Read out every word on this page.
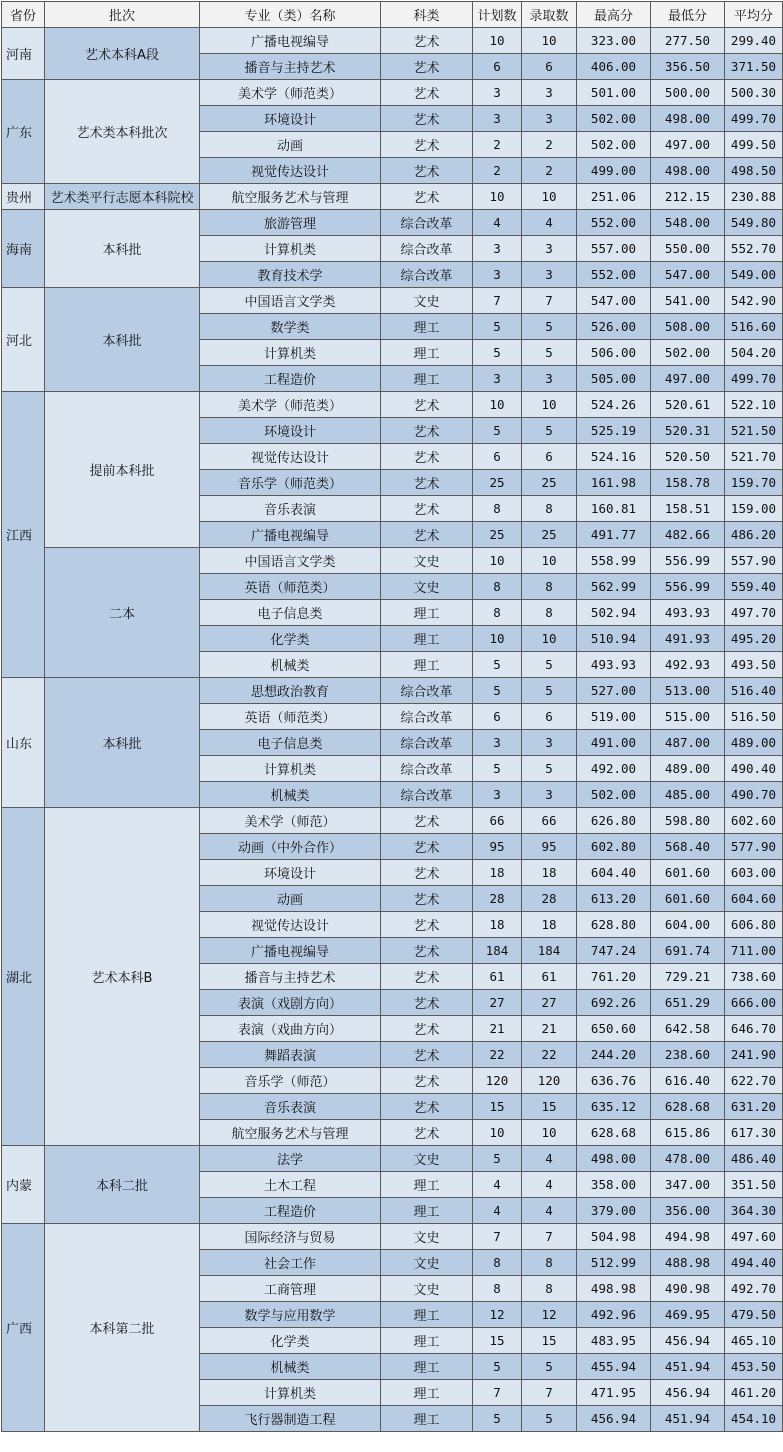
省份	批次	专业（类）名称	科类	计划数	录取数	最高分	最低分	平均分
河南	艺术本科A段	广播电视编导	艺术	10	10	323.00	277.50	299.40
		播音与主持艺术	艺术	6	6	406.00	356.50	371.50
广东	艺术类本科批次	美术学（师范类）	艺术	3	3	501.00	500.00	500.30
		环境设计	艺术	3	3	502.00	498.00	499.70
		动画	艺术	2	2	502.00	497.00	499.50
		视觉传达设计	艺术	2	2	499.00	498.00	498.50
贵州	艺术类平行志愿本科院校	航空服务艺术与管理	艺术	10	10	251.06	212.15	230.88
海南	本科批	旅游管理	综合改革	4	4	552.00	548.00	549.80
		计算机类	综合改革	3	3	557.00	550.00	552.70
		教育技术学	综合改革	3	3	552.00	547.00	549.00
河北	本科批	中国语言文学类	文史	7	7	547.00	541.00	542.90
		数学类	理工	5	5	526.00	508.00	516.60
		计算机类	理工	5	5	506.00	502.00	504.20
		工程造价	理工	3	3	505.00	497.00	499.70
江西	提前本科批	美术学（师范类）	艺术	10	10	524.26	520.61	522.10
		环境设计	艺术	5	5	525.19	520.31	521.50
		视觉传达设计	艺术	6	6	524.16	520.50	521.70
		音乐学（师范类）	艺术	25	25	161.98	158.78	159.70
		音乐表演	艺术	8	8	160.81	158.51	159.00
		广播电视编导	艺术	25	25	491.77	482.66	486.20
	二本	中国语言文学类	文史	10	10	558.99	556.99	557.90
		英语（师范类）	文史	8	8	562.99	556.99	559.40
		电子信息类	理工	8	8	502.94	493.93	497.70
		化学类	理工	10	10	510.94	491.93	495.20
		机械类	理工	5	5	493.93	492.93	493.50
山东	本科批	思想政治教育	综合改革	5	5	527.00	513.00	516.40
		英语（师范类）	综合改革	6	6	519.00	515.00	516.50
		电子信息类	综合改革	3	3	491.00	487.00	489.00
		计算机类	综合改革	5	5	492.00	489.00	490.40
		机械类	综合改革	3	3	502.00	485.00	490.70
湖北	艺术本科B	美术学（师范）	艺术	66	66	626.80	598.80	602.60
		动画（中外合作）	艺术	95	95	602.80	568.40	577.90
		环境设计	艺术	18	18	604.40	601.60	603.00
		动画	艺术	28	28	613.20	601.60	604.60
		视觉传达设计	艺术	18	18	628.80	604.00	606.80
		广播电视编导	艺术	184	184	747.24	691.74	711.00
		播音与主持艺术	艺术	61	61	761.20	729.21	738.60
		表演（戏剧方向）	艺术	27	27	692.26	651.29	666.00
		表演（戏曲方向）	艺术	21	21	650.60	642.58	646.70
		舞蹈表演	艺术	22	22	244.20	238.60	241.90
		音乐学（师范）	艺术	120	120	636.76	616.40	622.70
		音乐表演	艺术	15	15	635.12	628.68	631.20
		航空服务艺术与管理	艺术	10	10	628.68	615.86	617.30
内蒙	本科二批	法学	文史	5	4	498.00	478.00	486.40
		土木工程	理工	4	4	358.00	347.00	351.50
		工程造价	理工	4	4	379.00	356.00	364.30
广西	本科第二批	国际经济与贸易	文史	7	7	504.98	494.98	497.60
		社会工作	文史	8	8	512.99	488.98	494.40
		工商管理	文史	8	8	498.98	490.98	492.70
		数学与应用数学	理工	12	12	492.96	469.95	479.50
		化学类	理工	15	15	483.95	456.94	465.10
		机械类	理工	5	5	455.94	451.94	453.50
		计算机类	理工	7	7	471.95	456.94	461.20
		飞行器制造工程	理工	5	5	456.94	451.94	454.10
